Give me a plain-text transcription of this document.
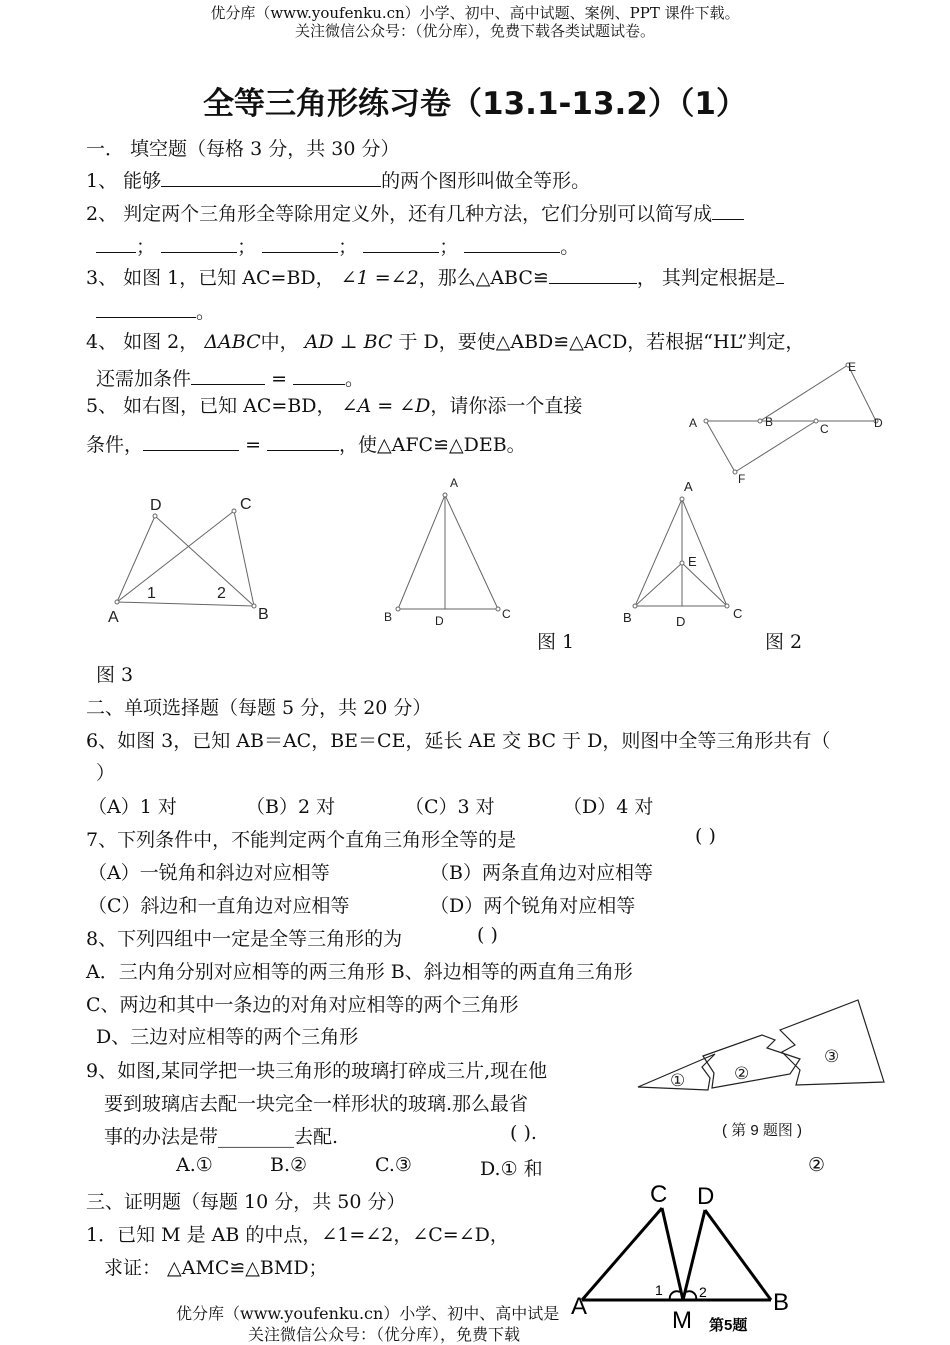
优分库（www.youfenku.cn）小学、初中、高中试题、案例、PPT 课件下载。
关注微信公众号：（优分库），免费下载各类试题试卷。
全等三角形练习卷（13.1-13.2）（1）
一． 填空题（每格 3 分，共 30 分）
1、 能够	的两个图形叫做全等形。
2、 判定两个三角形全等除用定义外，还有几种方法，它们分别可以简写成
；	；	；	；	。
3、 如图 1，已知 AC=BD， ∠1 =∠2，那么△ABC≌	， 其判定根据是
。
4、 如图 2， ΔABC中， AD ⊥ BC 于 D，要使△ABD≌△ACD，若根据“HL”判定，
还需加条件	=	。
5、 如右图，已知 AC=BD， ∠A = ∠D，请你添一个直接
条件，	=	，使△AFC≌△DEB。
E
A	B	C	D
F
D	C
A	B
1	2
A
B	C
D
A
E
B	C
D
图 1	图 2
图 3
二、单项选择题（每题 5 分，共 20 分）
6、如图 3，已知 AB＝AC，BE＝CE，延长 AE 交 BC 于 D，则图中全等三角形共有（
）
（A）1 对	（B）2 对	（C）3 对	（D）4 对
7、下列条件中，不能判定两个直角三角形全等的是	( )
（A）一锐角和斜边对应相等	（B）两条直角边对应相等
（C）斜边和一直角边对应相等	（D）两个锐角对应相等
8、下列四组中一定是全等三角形的为	( )
A．三内角分别对应相等的两三角形 B、斜边相等的两直角三角形
C、两边和其中一条边的对角对应相等的两个三角形
D、三边对应相等的两个三角形
9、如图,某同学把一块三角形的玻璃打碎成三片,现在他
要到玻璃店去配一块完全一样形状的玻璃.那么最省
事的办法是带________去配.	( ).
①	②
③
( 第 9 题图 )
A.①	B.②	C.③	D.① 和	②
三、证明题（每题 10 分，共 50 分）
1．已知 M 是 AB 的中点，∠1=∠2，∠C=∠D，
求证： △AMC≌△BMD；
C D
A	B
M
1	2
第5题
优分库（www.youfenku.cn）小学、初中、高中试是
关注微信公众号：（优分库），免费下载
